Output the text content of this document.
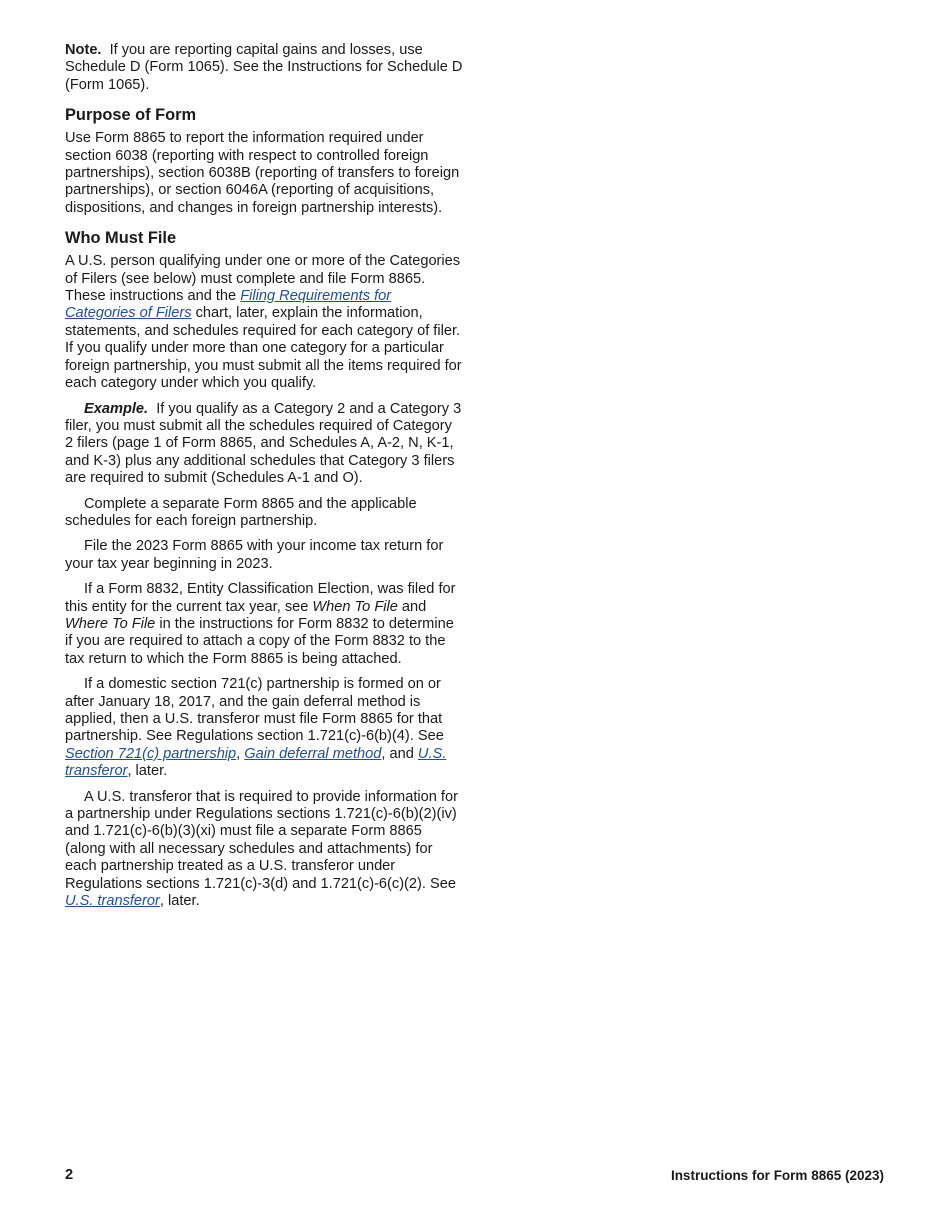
Note. If you are reporting capital gains and losses, use Schedule D (Form 1065). See the Instructions for Schedule D (Form 1065).

Purpose of Form

Use Form 8865 to report the information required under section 6038 (reporting with respect to controlled foreign partnerships), section 6038B (reporting of transfers to foreign partnerships), or section 6046A (reporting of acquisitions, dispositions, and changes in foreign partnership interests).

Who Must File

A U.S. person qualifying under one or more of the Categories of Filers (see below) must complete and file Form 8865. These instructions and the Filing Requirements for Categories of Filers chart, later, explain the information, statements, and schedules required for each category of filer. If you qualify under more than one category for a particular foreign partnership, you must submit all the items required for each category under which you qualify.

Example. If you qualify as a Category 2 and a Category 3 filer, you must submit all the schedules required of Category 2 filers (page 1 of Form 8865, and Schedules A, A-2, N, K-1, and K-3) plus any additional schedules that Category 3 filers are required to submit (Schedules A-1 and O).

Complete a separate Form 8865 and the applicable schedules for each foreign partnership.

File the 2023 Form 8865 with your income tax return for your tax year beginning in 2023.

If a Form 8832, Entity Classification Election, was filed for this entity for the current tax year, see When To File and Where To File in the instructions for Form 8832 to determine if you are required to attach a copy of the Form 8832 to the tax return to which the Form 8865 is being attached.

If a domestic section 721(c) partnership is formed on or after January 18, 2017, and the gain deferral method is applied, then a U.S. transferor must file Form 8865 for that partnership. See Regulations section 1.721(c)-6(b)(4). See Section 721(c) partnership, Gain deferral method, and U.S. transferor, later.

A U.S. transferor that is required to provide information for a partnership under Regulations sections 1.721(c)-6(b)(2)(iv) and 1.721(c)-6(b)(3)(xi) must file a separate Form 8865 (along with all necessary schedules and attachments) for each partnership treated as a U.S. transferor under Regulations sections 1.721(c)-3(d) and 1.721(c)-6(c)(2). See U.S. transferor, later.

2	Instructions for Form 8865 (2023)
